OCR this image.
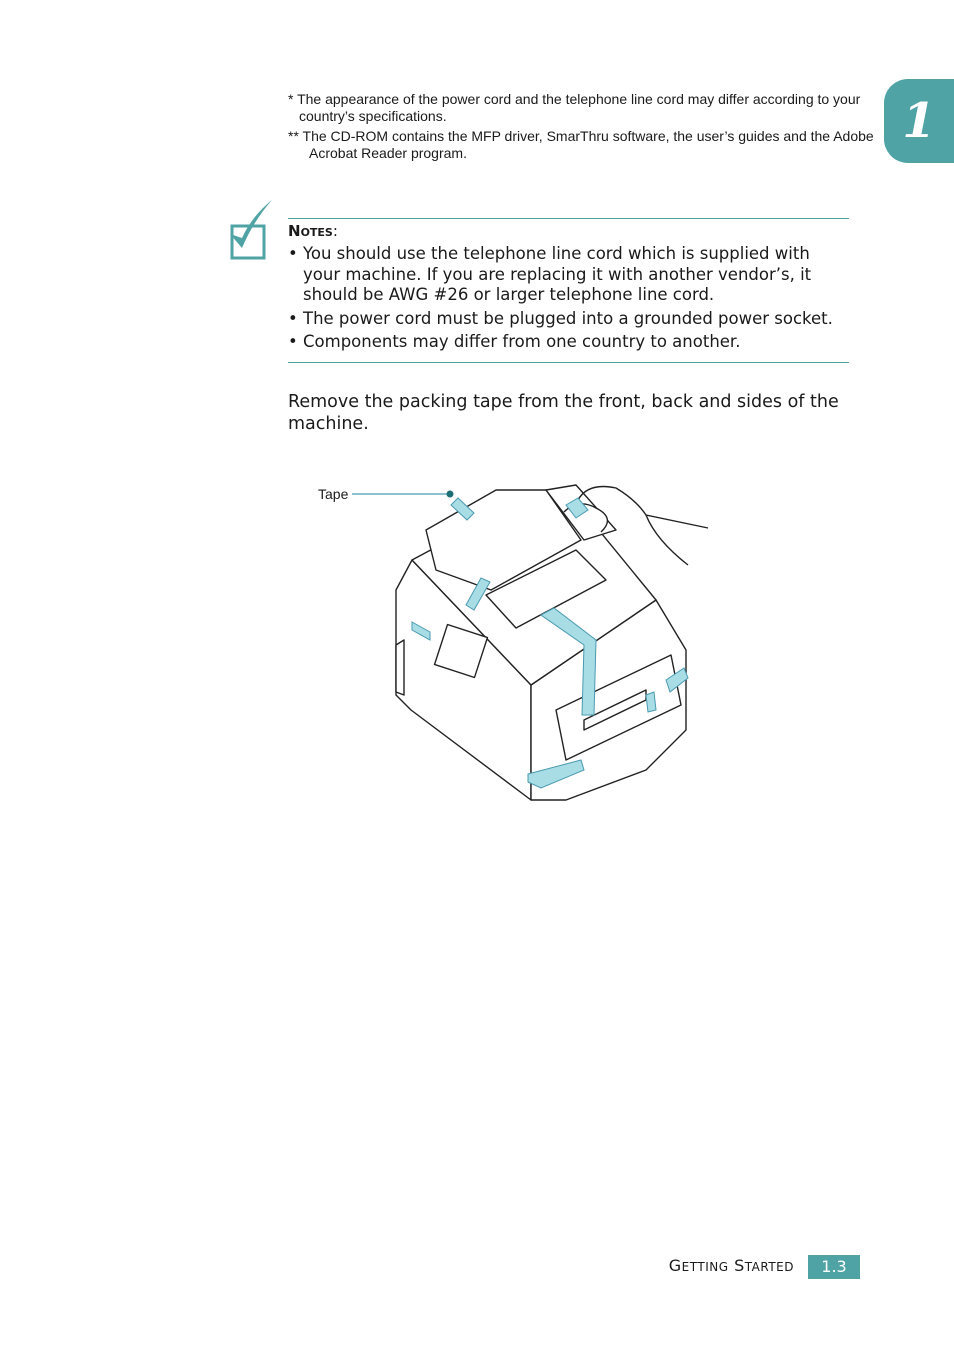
1
* The appearance of the power cord and the telephone line cord may differ according to your country’s specifications.
** The CD-ROM contains the MFP driver, SmarThru software, the user’s guides and the Adobe Acrobat Reader program.
NOTES:
• You should use the telephone line cord which is supplied with your machine. If you are replacing it with another vendor’s, it should be AWG #26 or larger telephone line cord.
• The power cord must be plugged into a grounded power socket.
• Components may differ from one country to another.
Remove the packing tape from the front, back and sides of the machine.
Tape
GETTING STARTED	1.3
